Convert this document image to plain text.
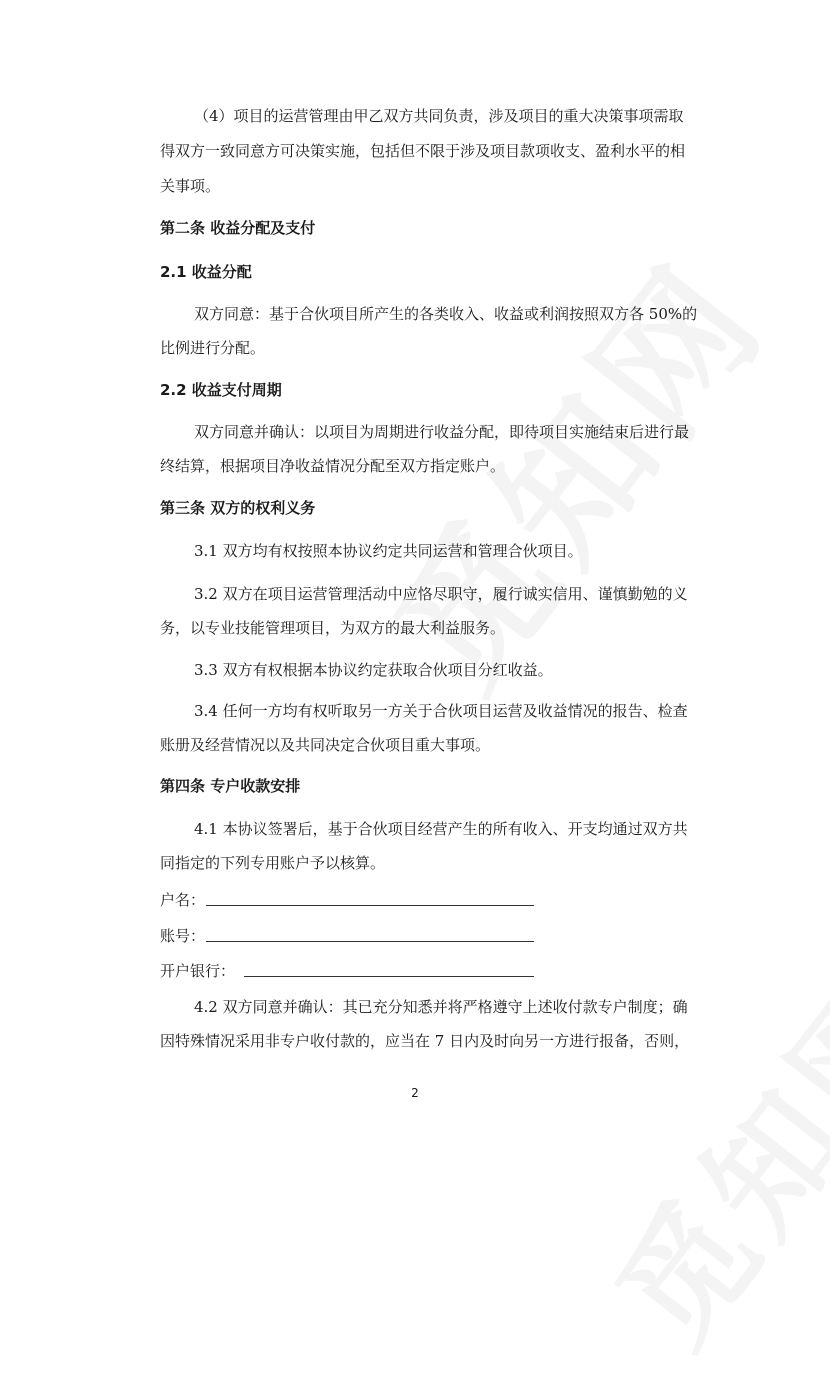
（4）项目的运营管理由甲乙双方共同负责，涉及项目的重大决策事项需取
得双方一致同意方可决策实施，包括但不限于涉及项目款项收支、盈利水平的相
关事项。
第二条 收益分配及支付
2.1 收益分配
双方同意：基于合伙项目所产生的各类收入、收益或利润按照双方各 50%的
比例进行分配。
2.2 收益支付周期
双方同意并确认：以项目为周期进行收益分配，即待项目实施结束后进行最
终结算，根据项目净收益情况分配至双方指定账户。
第三条 双方的权利义务
3.1 双方均有权按照本协议约定共同运营和管理合伙项目。
3.2 双方在项目运营管理活动中应恪尽职守，履行诚实信用、谨慎勤勉的义
务，以专业技能管理项目，为双方的最大利益服务。
3.3 双方有权根据本协议约定获取合伙项目分红收益。
3.4 任何一方均有权听取另一方关于合伙项目运营及收益情况的报告、检查
账册及经营情况以及共同决定合伙项目重大事项。
第四条 专户收款安排
4.1 本协议签署后，基于合伙项目经营产生的所有收入、开支均通过双方共
同指定的下列专用账户予以核算。
户名：
账号：
开户银行：
4.2 双方同意并确认：其已充分知悉并将严格遵守上述收付款专户制度；确
因特殊情况采用非专户收付款的，应当在 7 日内及时向另一方进行报备，否则，
2
